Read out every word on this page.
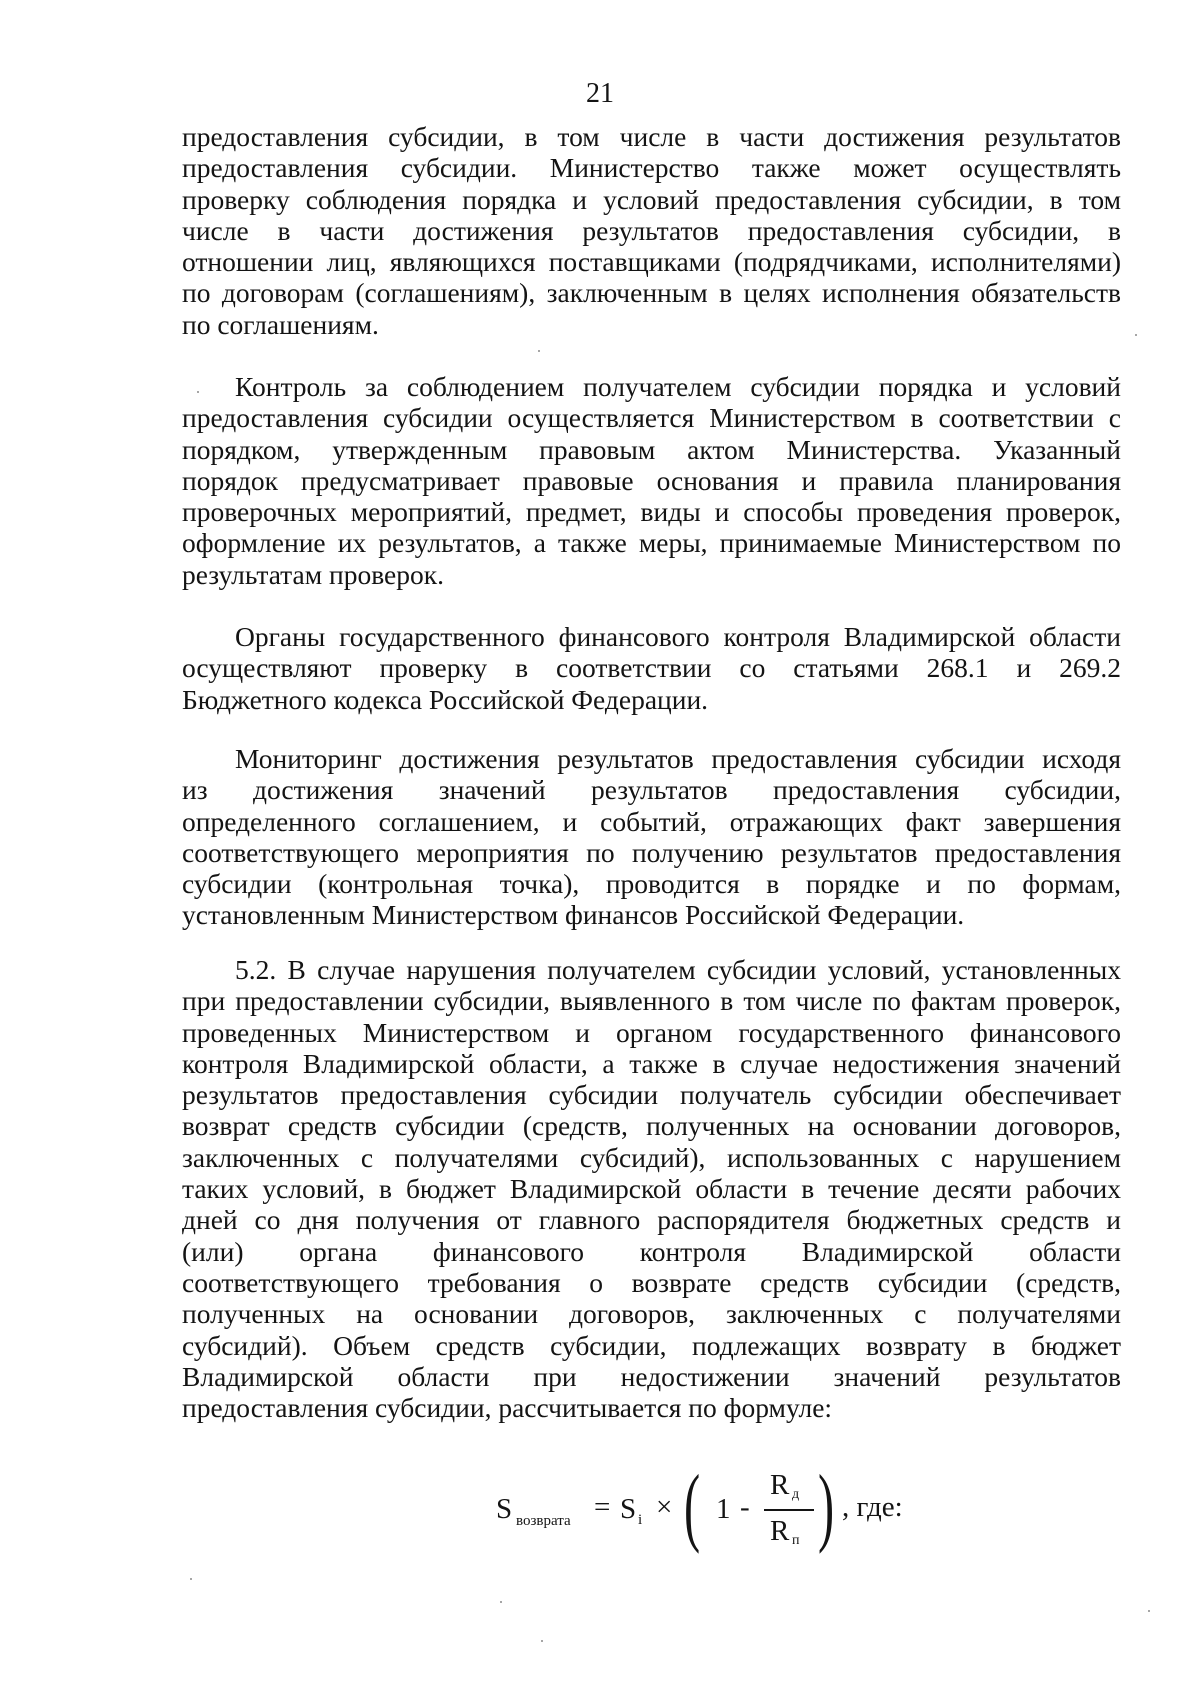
21
предоставления субсидии, в том числе в части достижения результатов
предоставления субсидии. Министерство также может осуществлять
проверку соблюдения порядка и условий предоставления субсидии, в том
числе в части достижения результатов предоставления субсидии, в
отношении лиц, являющихся поставщиками (подрядчиками, исполнителями)
по договорам (соглашениям), заключенным в целях исполнения обязательств
по соглашениям.
Контроль за соблюдением получателем субсидии порядка и условий
предоставления субсидии осуществляется Министерством в соответствии с
порядком, утвержденным правовым актом Министерства. Указанный
порядок предусматривает правовые основания и правила планирования
проверочных мероприятий, предмет, виды и способы проведения проверок,
оформление их результатов, а также меры, принимаемые Министерством по
результатам проверок.
Органы государственного финансового контроля Владимирской области
осуществляют проверку в соответствии со статьями 268.1 и 269.2
Бюджетного кодекса Российской Федерации.
Мониторинг достижения результатов предоставления субсидии исходя
из достижения значений результатов предоставления субсидии,
определенного соглашением, и событий, отражающих факт завершения
соответствующего мероприятия по получению результатов предоставления
субсидии (контрольная точка), проводится в порядке и по формам,
установленным Министерством финансов Российской Федерации.
5.2. В случае нарушения получателем субсидии условий, установленных
при предоставлении субсидии, выявленного в том числе по фактам проверок,
проведенных Министерством и органом государственного финансового
контроля Владимирской области, а также в случае недостижения значений
результатов предоставления субсидии получатель субсидии обеспечивает
возврат средств субсидии (средств, полученных на основании договоров,
заключенных с получателями субсидий), использованных с нарушением
таких условий, в бюджет Владимирской области в течение десяти рабочих
дней со дня получения от главного распорядителя бюджетных средств и
(или) органа финансового контроля Владимирской области
соответствующего требования о возврате средств субсидии (средств,
полученных на основании договоров, заключенных с получателями
субсидий). Объем средств субсидии, подлежащих возврату в бюджет
Владимирской области при недостижении значений результатов
предоставления субсидии, рассчитывается по формуле:
S возврата = S i × ( 1 -
R д
R п ) , где:
